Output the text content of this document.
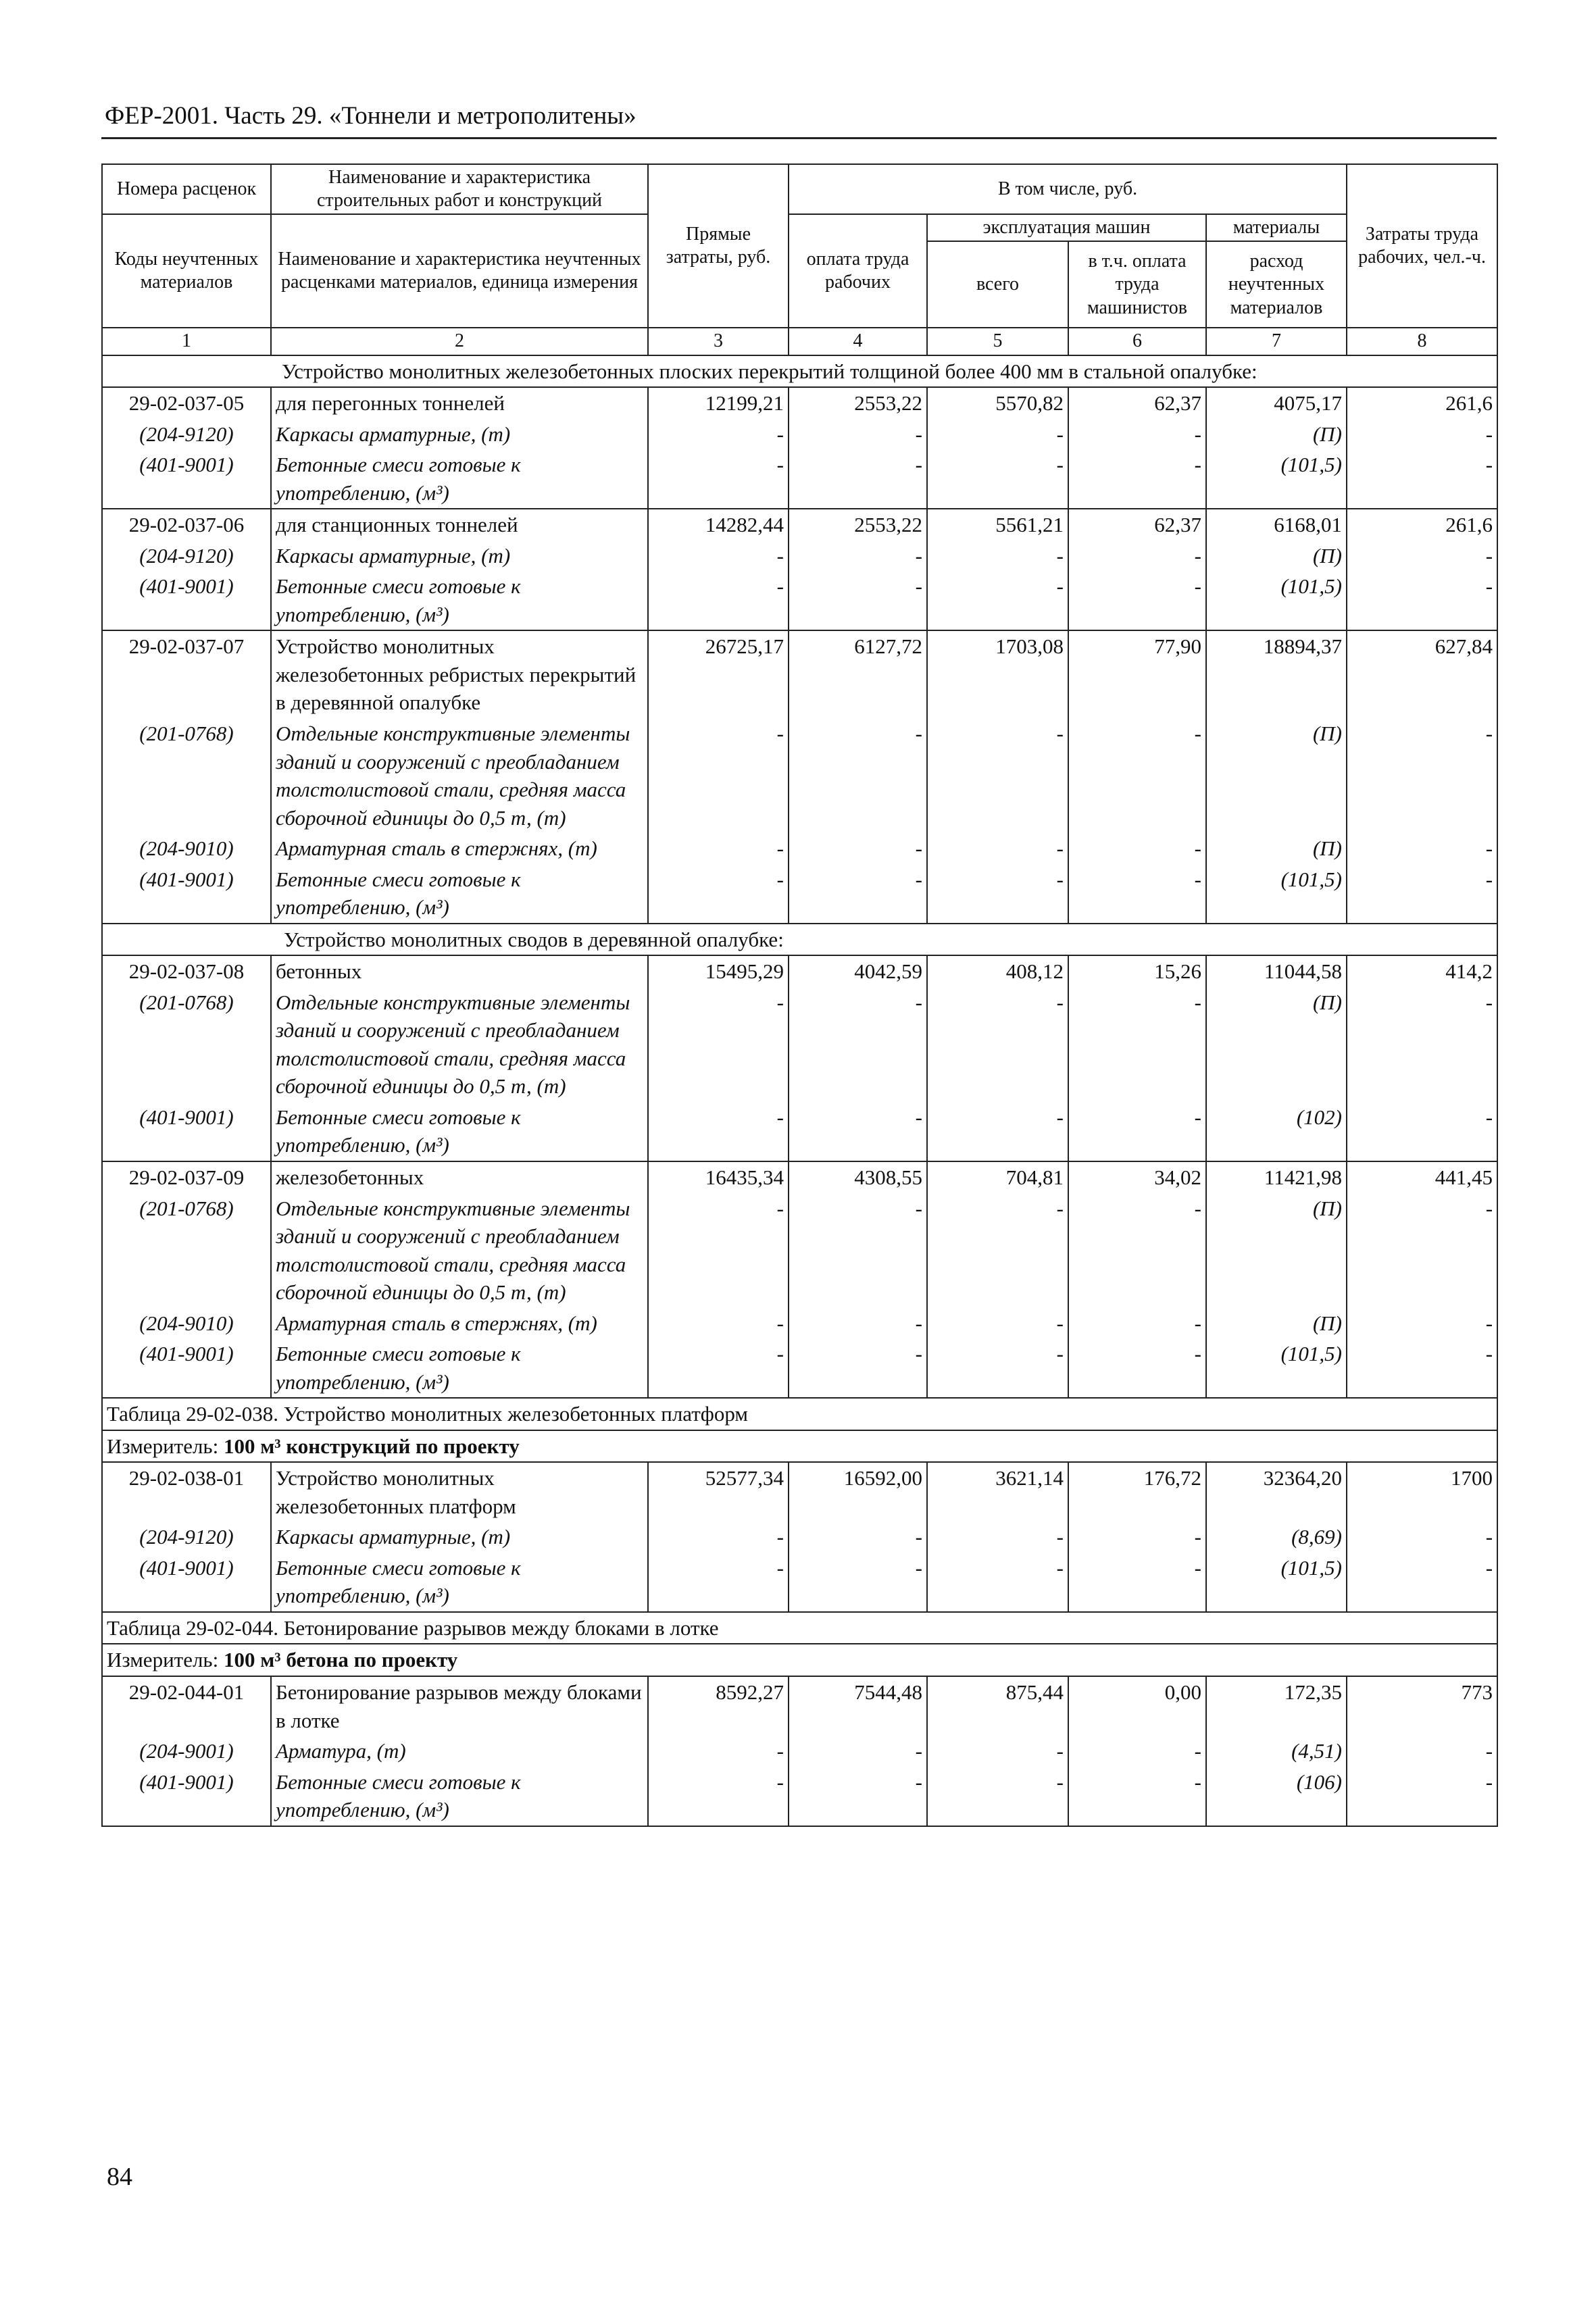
ФЕР-2001. Часть 29. «Тоннели и метрополитены»
Номера расценок	Наименование и характеристика строительных работ и конструкций	Прямые затраты, руб.	В том числе, руб.				Затраты труда рабочих, чел.-ч.
Коды неучтенных материалов	Наименование и характеристика неучтенных расценками материалов, единица измерения		оплата труда рабочих	эксплуатация машин		материалы	
				всего	в т.ч. оплата труда машинистов	расход неучтенных материалов	
1	2	3	4	5	6	7	8
Устройство монолитных железобетонных плоских перекрытий толщиной более 400 мм в стальной опалубке:							
29-02-037-05	для перегонных тоннелей	12199,21	2553,22	5570,82	62,37	4075,17	261,6
(204-9120)	Каркасы арматурные, (т)	-	-	-	-	(П)	-
(401-9001)	Бетонные смеси готовые к употреблению, (м³)	-	-	-	-	(101,5)	-
29-02-037-06	для станционных тоннелей	14282,44	2553,22	5561,21	62,37	6168,01	261,6
(204-9120)	Каркасы арматурные, (т)	-	-	-	-	(П)	-
(401-9001)	Бетонные смеси готовые к употреблению, (м³)	-	-	-	-	(101,5)	-
29-02-037-07	Устройство монолитных железобетонных ребристых перекрытий в деревянной опалубке	26725,17	6127,72	1703,08	77,90	18894,37	627,84
(201-0768)	Отдельные конструктивные элементы зданий и сооружений с преобладанием толстолистовой стали, средняя масса сборочной единицы до 0,5 т, (т)	-	-	-	-	(П)	-
(204-9010)	Арматурная сталь в стержнях, (т)	-	-	-	-	(П)	-
(401-9001)	Бетонные смеси готовые к употреблению, (м³)	-	-	-	-	(101,5)	-
Устройство монолитных сводов в деревянной опалубке:							
29-02-037-08	бетонных	15495,29	4042,59	408,12	15,26	11044,58	414,2
(201-0768)	Отдельные конструктивные элементы зданий и сооружений с преобладанием толстолистовой стали, средняя масса сборочной единицы до 0,5 т, (т)	-	-	-	-	(П)	-
(401-9001)	Бетонные смеси готовые к употреблению, (м³)	-	-	-	-	(102)	-
29-02-037-09	железобетонных	16435,34	4308,55	704,81	34,02	11421,98	441,45
(201-0768)	Отдельные конструктивные элементы зданий и сооружений с преобладанием толстолистовой стали, средняя масса сборочной единицы до 0,5 т, (т)	-	-	-	-	(П)	-
(204-9010)	Арматурная сталь в стержнях, (т)	-	-	-	-	(П)	-
(401-9001)	Бетонные смеси готовые к употреблению, (м³)	-	-	-	-	(101,5)	-
Таблица 29-02-038. Устройство монолитных железобетонных платформ							
Измеритель: 100 м³ конструкций по проекту							
29-02-038-01	Устройство монолитных железобетонных платформ	52577,34	16592,00	3621,14	176,72	32364,20	1700
(204-9120)	Каркасы арматурные, (т)	-	-	-	-	(8,69)	-
(401-9001)	Бетонные смеси готовые к употреблению, (м³)	-	-	-	-	(101,5)	-
Таблица 29-02-044. Бетонирование разрывов между блоками в лотке							
Измеритель: 100 м³ бетона по проекту							
29-02-044-01	Бетонирование разрывов между блоками в лотке	8592,27	7544,48	875,44	0,00	172,35	773
(204-9001)	Арматура, (т)	-	-	-	-	(4,51)	-
(401-9001)	Бетонные смеси готовые к употреблению, (м³)	-	-	-	-	(106)	-
84
